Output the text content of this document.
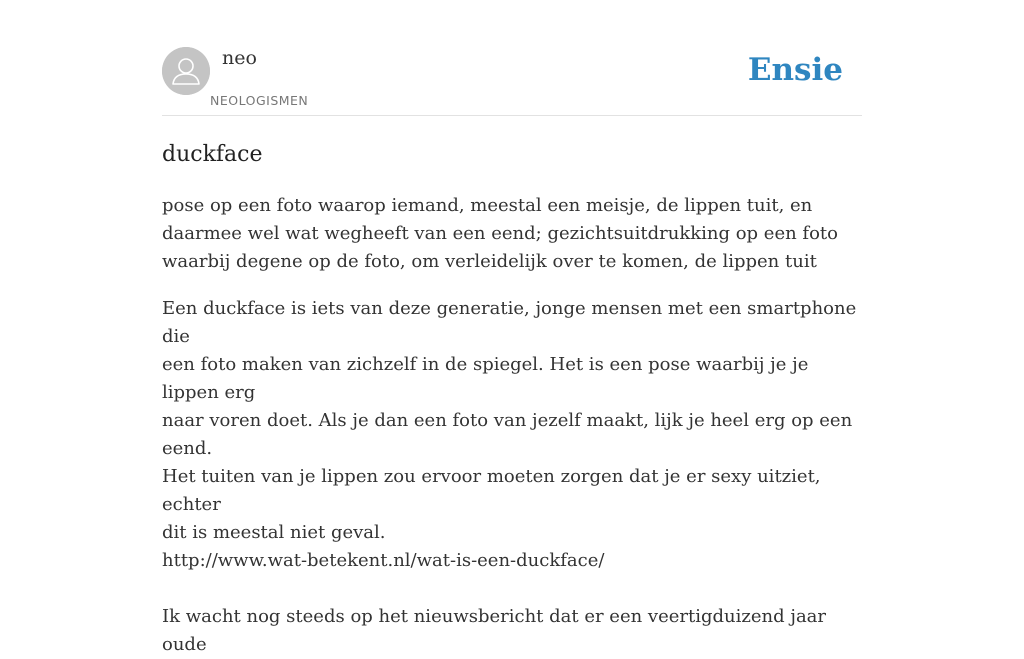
neo
NEOLOGISMEN
Ensie
duckface
pose op een foto waarop iemand, meestal een meisje, de lippen tuit, en daarmee wel wat wegheeft van een eend; gezichtsuitdrukking op een foto waarbij degene op de foto, om verleidelijk over te komen, de lippen tuit
Een duckface is iets van deze generatie, jonge mensen met een smartphone die
een foto maken van zichzelf in de spiegel. Het is een pose waarbij je je lippen erg
naar voren doet. Als je dan een foto van jezelf maakt, lijk je heel erg op een eend.
Het tuiten van je lippen zou ervoor moeten zorgen dat je er sexy uitziet, echter
dit is meestal niet geval.
http://www.wat-betekent.nl/wat-is-een-duckface/
Ik wacht nog steeds op het nieuwsbericht dat er een veertigduizend jaar oude
